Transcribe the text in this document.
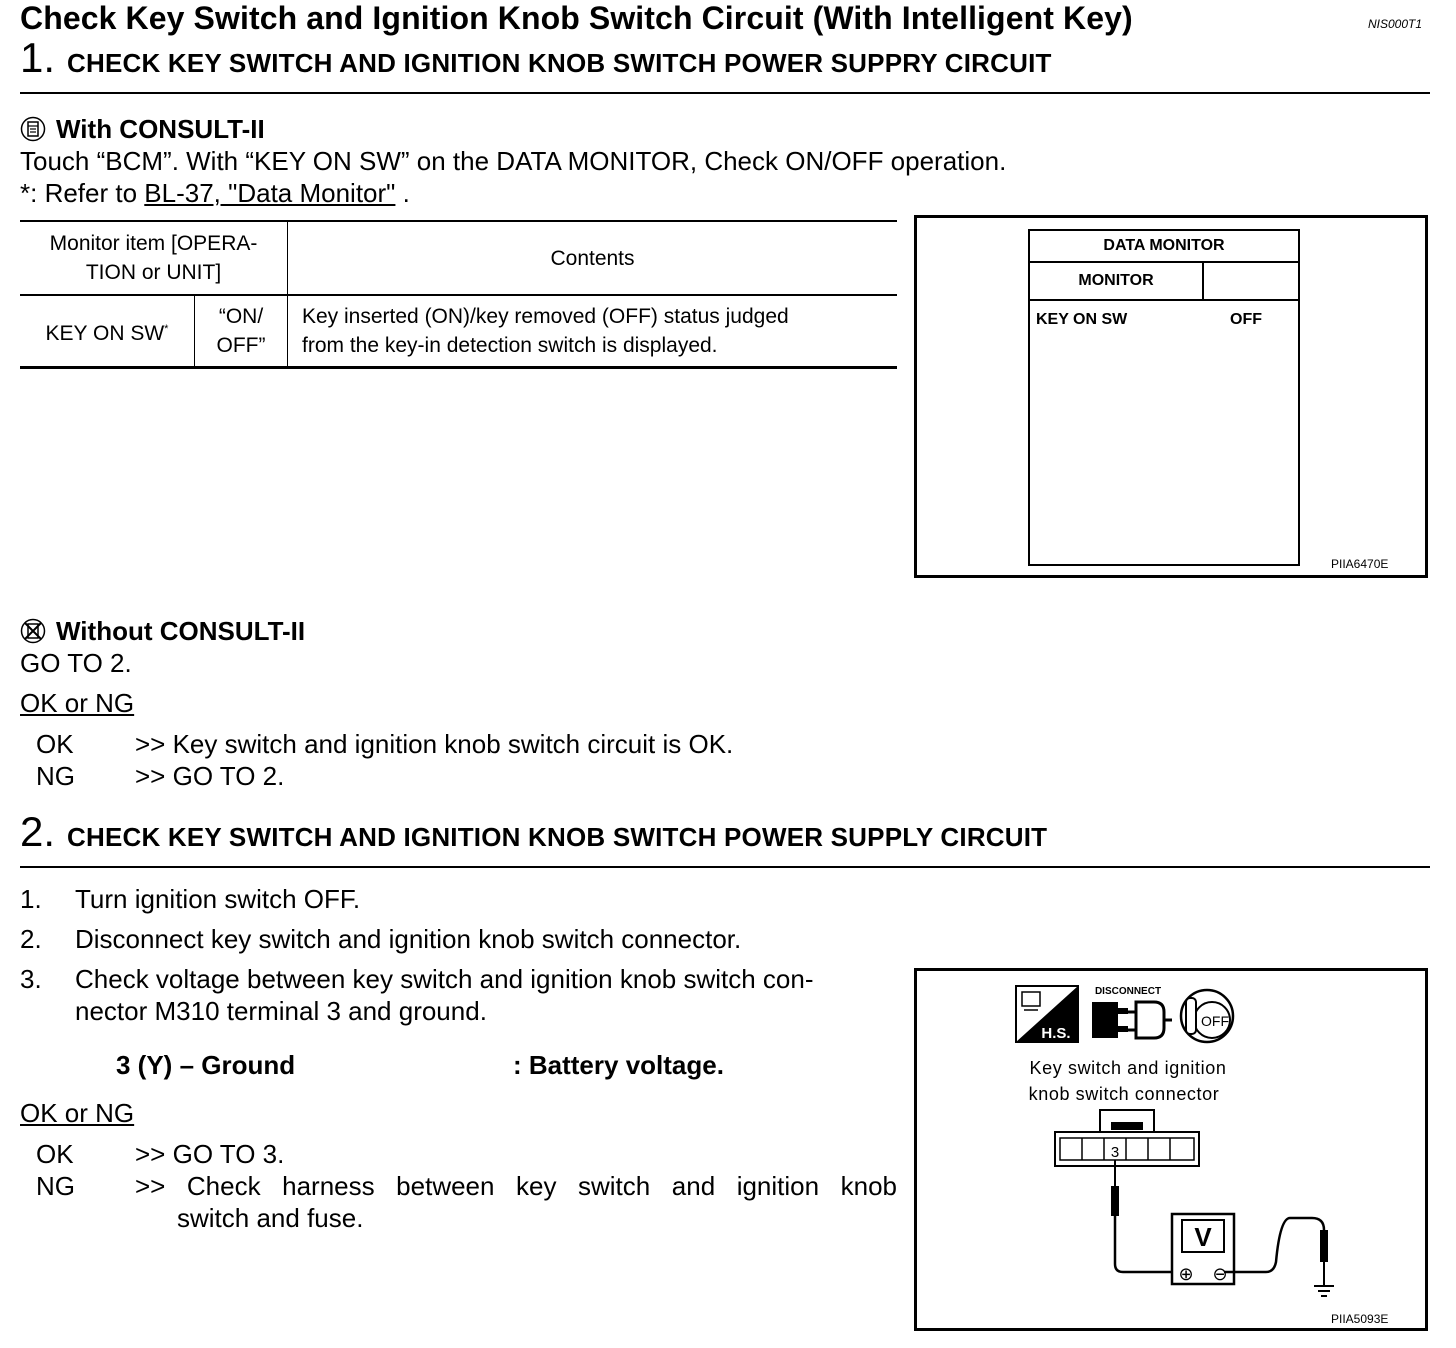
Check Key Switch and Ignition Knob Switch Circuit (With Intelligent Key)	NIS000T1
1. CHECK KEY SWITCH AND IGNITION KNOB SWITCH POWER SUPPRY CIRCUIT
With CONSULT-II
Touch “BCM”. With “KEY ON SW” on the DATA MONITOR, Check ON/OFF operation.
*: Refer to BL-37, "Data Monitor" .
Monitor item [OPERA-
TION or UNIT]		Contents
KEY ON SW*	“ON/
OFF”	Key inserted (ON)/key removed (OFF) status judged
from the key-in detection switch is displayed.
DATA MONITOR
MONITOR
KEY ON SW	OFF
PIIA6470E
Without CONSULT-II
GO TO 2.
OK or NG
OK >> Key switch and ignition knob switch circuit is OK.
NG >> GO TO 2.
2. CHECK KEY SWITCH AND IGNITION KNOB SWITCH POWER SUPPLY CIRCUIT
1. Turn ignition switch OFF.
2. Disconnect key switch and ignition knob switch connector.
3. Check voltage between key switch and ignition knob switch con-
nector M310 terminal 3 and ground.
3 (Y) – Ground	: Battery voltage.
OK or NG
OK >> GO TO 3.
NG >> Check harness between key switch and ignition knob
switch and fuse.
H.S.
DISCONNECT
OFF
Key switch and ignition
knob switch connector
3
V
⊕ ⊖
PIIA5093E
